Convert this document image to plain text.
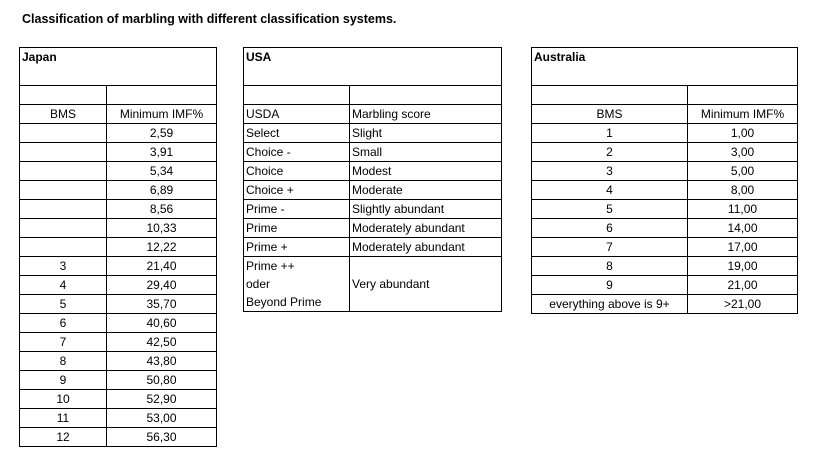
Classification of marbling with different classification systems.
Japan	

BMS	Minimum IMF%
	2,59
	3,91
	5,34
	6,89
	8,56
	10,33
	12,22
3	21,40
4	29,40
5	35,70
6	40,60
7	42,50
8	43,80
9	50,80
10	52,90
11	53,00
12	56,30
USA	

USDA	Marbling score
Select	Slight
Choice -	Small
Choice	Modest
Choice +	Moderate
Prime -	Slightly abundant
Prime	Moderately abundant
Prime +	Moderately abundant
Prime ++	Very abundant
oder	
Beyond Prime	
Australia	

BMS	Minimum IMF%
1	1,00
2	3,00
3	5,00
4	8,00
5	11,00
6	14,00
7	17,00
8	19,00
9	21,00
everything above is 9+	>21,00
